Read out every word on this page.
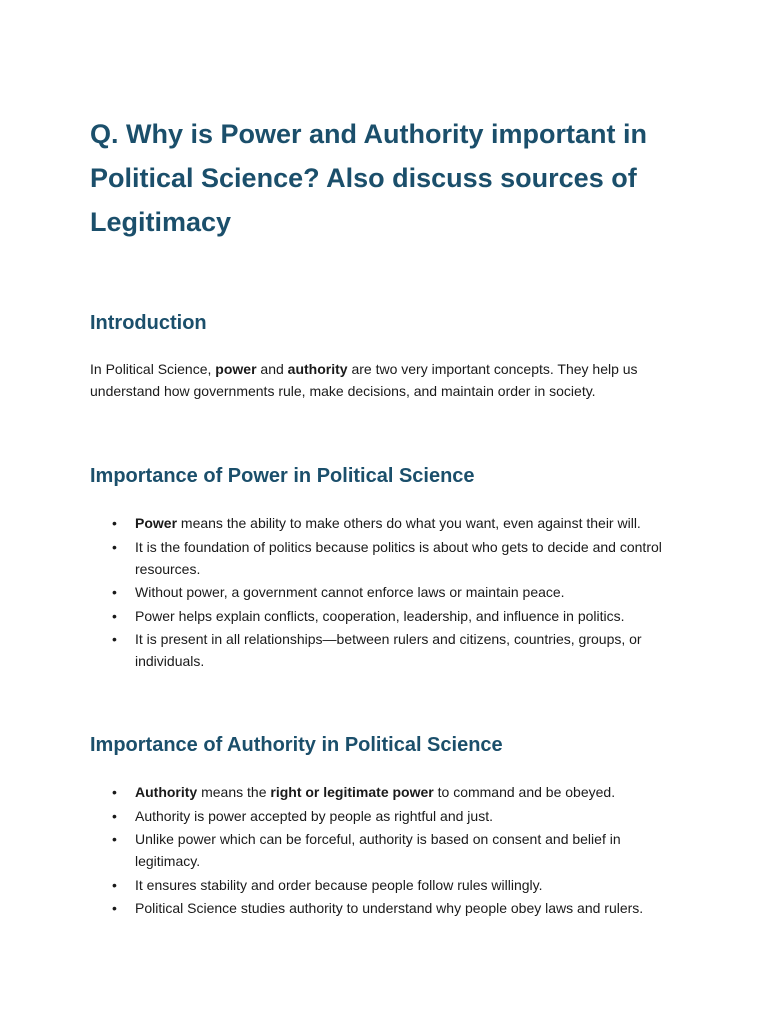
Q. Why is Power and Authority important in Political Science? Also discuss sources of Legitimacy
Introduction

In Political Science, power and authority are two very important concepts. They help us understand how governments rule, make decisions, and maintain order in society.

Importance of Power in Political Science
• Power means the ability to make others do what you want, even against their will.
• It is the foundation of politics because politics is about who gets to decide and control resources.
• Without power, a government cannot enforce laws or maintain peace.
• Power helps explain conflicts, cooperation, leadership, and influence in politics.
• It is present in all relationships—between rulers and citizens, countries, groups, or individuals.
Importance of Authority in Political Science
• Authority means the right or legitimate power to command and be obeyed.
• Authority is power accepted by people as rightful and just.
• Unlike power which can be forceful, authority is based on consent and belief in legitimacy.
• It ensures stability and order because people follow rules willingly.
• Political Science studies authority to understand why people obey laws and rulers.
